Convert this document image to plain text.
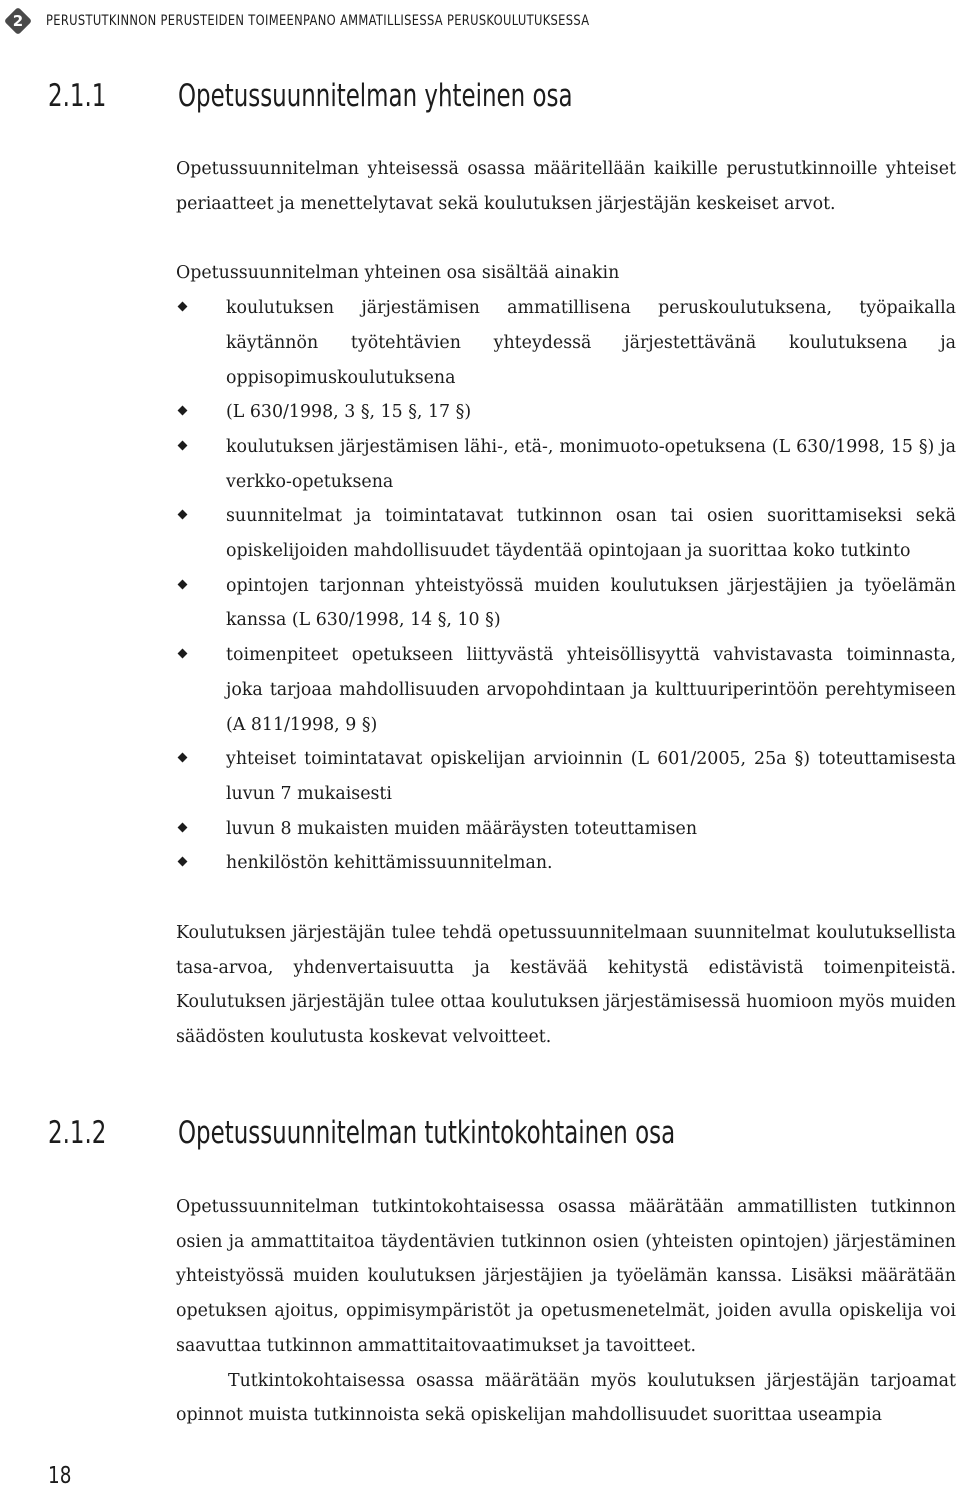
2	PERUSTUTKINNON PERUSTEIDEN TOIMEENPANO AMMATILLISESSA PERUSKOULUTUKSESSA
2.1.1	Opetussuunnitelman yhteinen osa

Opetussuunnitelman yhteisessä osassa määritellään kaikille perustutkinnoille yhteiset periaatteet ja menettelytavat sekä koulutuksen järjestäjän keskeiset arvot.

Opetussuunnitelman yhteinen osa sisältää ainakin

koulutuksen järjestämisen ammatillisena peruskoulutuksena, työpaikalla käytännön työtehtävien yhteydessä järjestettävänä koulutuksena ja oppisopimuskoulutuksena
(L 630/1998, 3 §, 15 §, 17 §)
koulutuksen järjestämisen lähi-, etä-, monimuoto-opetuksena (L 630/1998, 15 §) ja verkko-opetuksena
suunnitelmat ja toimintatavat tutkinnon osan tai osien suorittamiseksi sekä opiskelijoiden mahdollisuudet täydentää opintojaan ja suorittaa koko tutkinto
opintojen tarjonnan yhteistyössä muiden koulutuksen järjestäjien ja työelämän kanssa (L 630/1998, 14 §, 10 §)
toimenpiteet opetukseen liittyvästä yhteisöllisyyttä vahvistavasta toiminnasta, joka tarjoaa mahdollisuuden arvopohdintaan ja kulttuuriperintöön perehtymiseen (A 811/1998, 9 §)
yhteiset toimintatavat opiskelijan arvioinnin (L 601/2005, 25a §) toteuttamisesta luvun 7 mukaisesti
luvun 8 mukaisten muiden määräysten toteuttamisen
henkilöstön kehittämissuunnitelman.

Koulutuksen järjestäjän tulee tehdä opetussuunnitelmaan suunnitelmat koulutuksellista tasa-arvoa, yhdenvertaisuutta ja kestävää kehitystä edistävistä toimenpiteistä. Koulutuksen järjestäjän tulee ottaa koulutuksen järjestämisessä huomioon myös muiden säädösten koulutusta koskevat velvoitteet.

2.1.2	Opetussuunnitelman tutkintokohtainen osa

Opetussuunnitelman tutkintokohtaisessa osassa määrätään ammatillisten tutkinnon osien ja ammattitaitoa täydentävien tutkinnon osien (yhteisten opintojen) järjestäminen yhteistyössä muiden koulutuksen järjestäjien ja työelämän kanssa. Lisäksi määrätään opetuksen ajoitus, oppimisympäristöt ja opetusmenetelmät, joiden avulla opiskelija voi saavuttaa tutkinnon ammattitaitovaatimukset ja tavoitteet.

Tutkintokohtaisessa osassa määrätään myös koulutuksen järjestäjän tarjoamat opinnot muista tutkinnoista sekä opiskelijan mahdollisuudet suorittaa useampia

18
